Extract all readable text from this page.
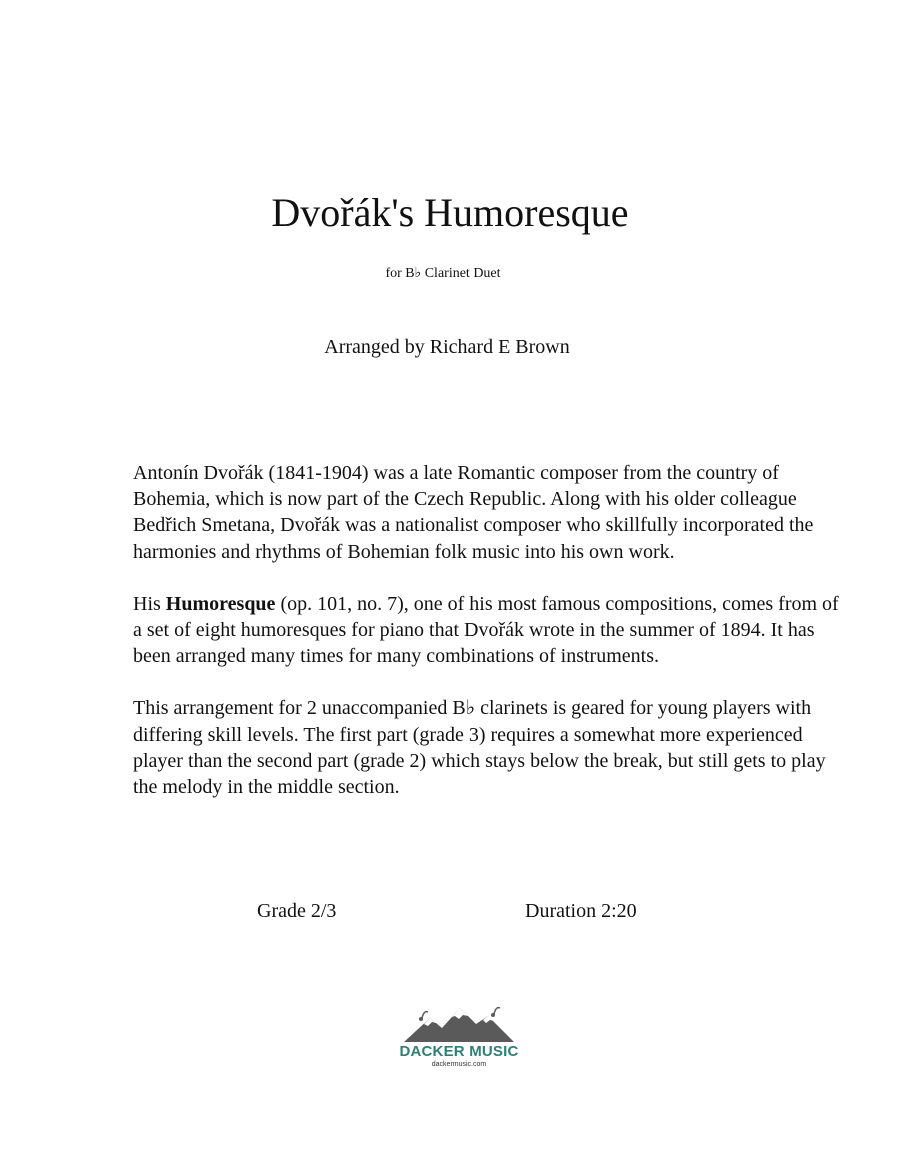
Dvořák's Humoresque
for B♭ Clarinet Duet
Arranged by Richard E Brown

Antonín Dvořák (1841-1904) was a late Romantic composer from the country of Bohemia, which is now part of the Czech Republic. Along with his older colleague Bedřich Smetana, Dvořák was a nationalist composer who skillfully incorporated the harmonies and rhythms of Bohemian folk music into his own work.

His Humoresque (op. 101, no. 7), one of his most famous compositions, comes from of a set of eight humoresques for piano that Dvořák wrote in the summer of 1894. It has been arranged many times for many combinations of instruments.

This arrangement for 2 unaccompanied B♭ clarinets is geared for young players with differing skill levels. The first part (grade 3) requires a somewhat more experienced player than the second part (grade 2) which stays below the break, but still gets to play the melody in the middle section.

Grade 2/3	Duration 2:20
DACKER MUSIC
dackermusic.com
